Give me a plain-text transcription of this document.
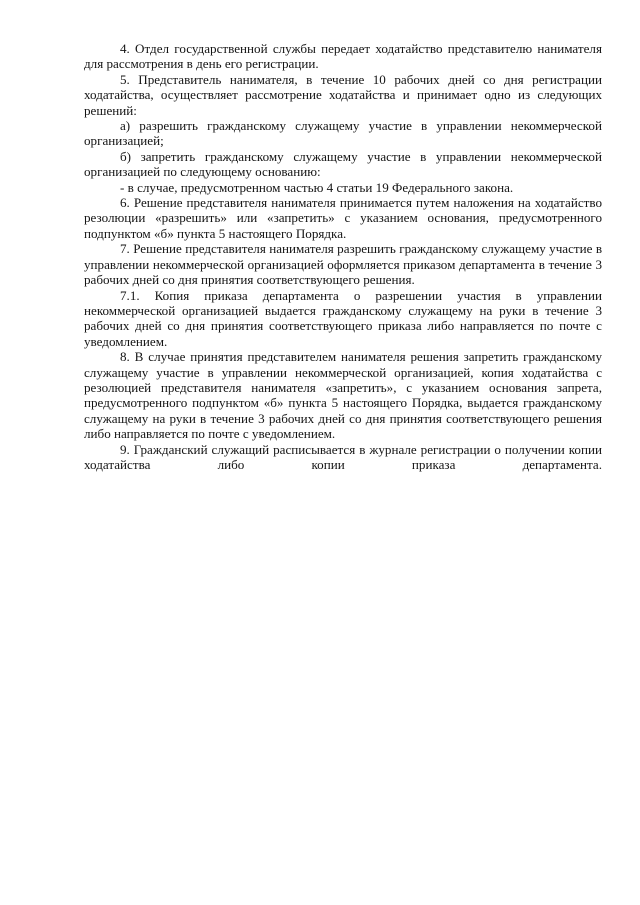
4. Отдел государственной службы передает ходатайство представителю нанимателя для рассмотрения в день его регистрации.

5. Представитель нанимателя, в течение 10 рабочих дней со дня регистрации ходатайства, осуществляет рассмотрение ходатайства и принимает одно из следующих решений:

а) разрешить гражданскому служащему участие в управлении некоммерческой организацией;

б) запретить гражданскому служащему участие в управлении некоммерческой организацией по следующему основанию:

- в случае, предусмотренном частью 4 статьи 19 Федерального закона.

6. Решение представителя нанимателя принимается путем наложения на ходатайство резолюции «разрешить» или «запретить» с указанием основания, предусмотренного подпунктом «б» пункта 5 настоящего Порядка.

7. Решение представителя нанимателя разрешить гражданскому служащему участие в управлении некоммерческой организацией оформляется приказом департамента в течение 3 рабочих дней со дня принятия соответствующего решения.

7.1. Копия приказа департамента о разрешении участия в управлении некоммерческой организацией выдается гражданскому служащему на руки в течение 3 рабочих дней со дня принятия соответствующего приказа либо направляется по почте с уведомлением.

8. В случае принятия представителем нанимателя решения запретить гражданскому служащему участие в управлении некоммерческой организацией, копия ходатайства с резолюцией представителя нанимателя «запретить», с указанием основания запрета, предусмотренного подпунктом «б» пункта 5 настоящего Порядка, выдается гражданскому служащему на руки в течение 3 рабочих дней со дня принятия соответствующего решения либо направляется по почте с уведомлением.

9. Гражданский служащий расписывается в журнале регистрации о получении копии ходатайства либо копии приказа департамента.
